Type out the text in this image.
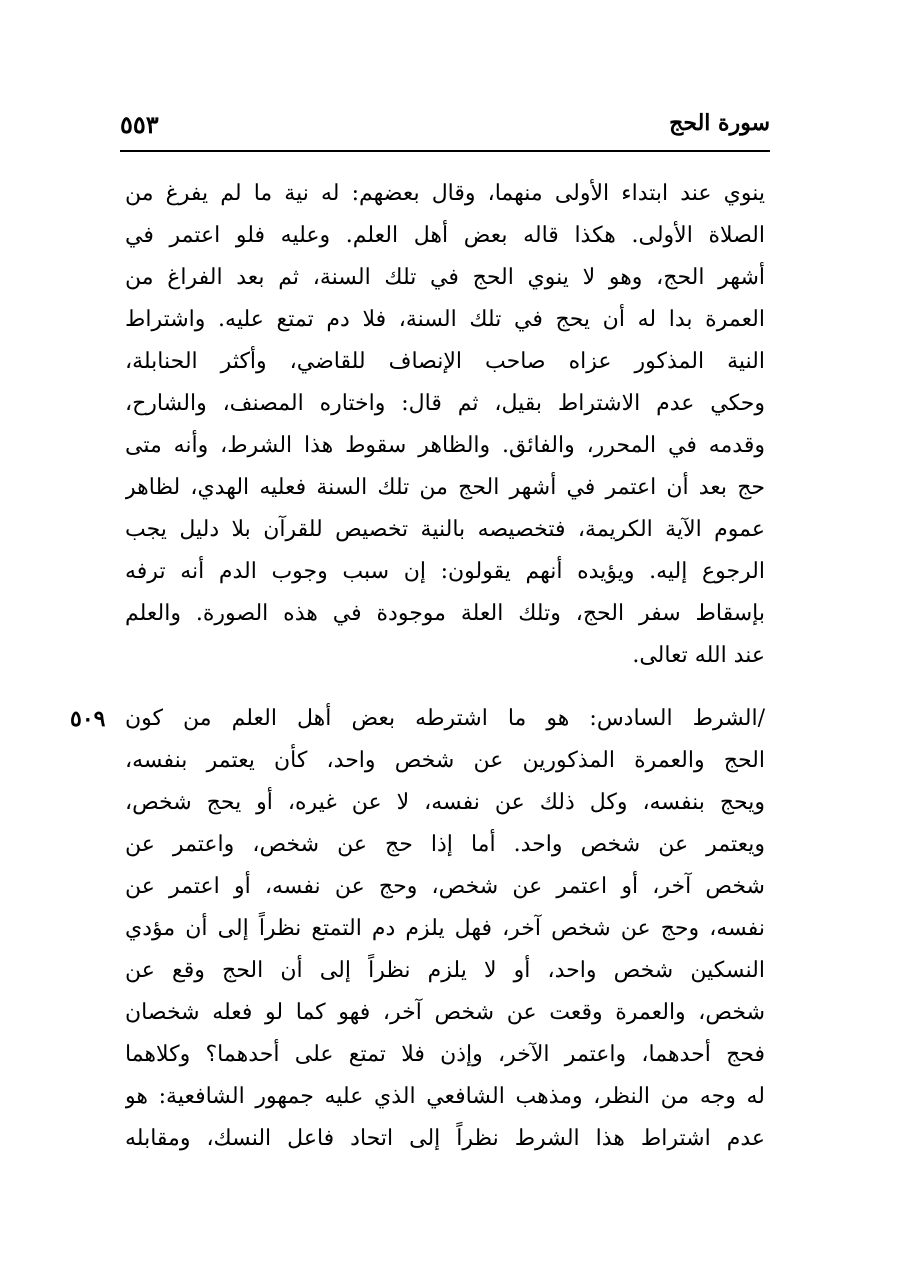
٥٥٣	سورة الحج
ينوي عند ابتداء الأولى منهما، وقال بعضهم: له نية ما لم يفرغ من
الصلاة الأولى. هكذا قاله بعض أهل العلم. وعليه فلو اعتمر في
أشهر الحج، وهو لا ينوي الحج في تلك السنة، ثم بعد الفراغ من
العمرة بدا له أن يحج في تلك السنة، فلا دم تمتع عليه. واشتراط
النية المذكور عزاه صاحب الإنصاف للقاضي، وأكثر الحنابلة،
وحكي عدم الاشتراط بقيل، ثم قال: واختاره المصنف، والشارح،
وقدمه في المحرر، والفائق. والظاهر سقوط هذا الشرط، وأنه متى
حج بعد أن اعتمر في أشهر الحج من تلك السنة فعليه الهدي، لظاهر
عموم الآية الكريمة، فتخصيصه بالنية تخصيص للقرآن بلا دليل يجب
الرجوع إليه. ويؤيده أنهم يقولون: إن سبب وجوب الدم أنه ترفه
بإسقاط سفر الحج، وتلك العلة موجودة في هذه الصورة. والعلم
عند الله تعالى.
٥٠٩ /الشرط السادس: هو ما اشترطه بعض أهل العلم من كون
الحج والعمرة المذكورين عن شخص واحد، كأن يعتمر بنفسه،
ويحج بنفسه، وكل ذلك عن نفسه، لا عن غيره، أو يحج شخص،
ويعتمر عن شخص واحد. أما إذا حج عن شخص، واعتمر عن
شخص آخر، أو اعتمر عن شخص، وحج عن نفسه، أو اعتمر عن
نفسه، وحج عن شخص آخر، فهل يلزم دم التمتع نظراً إلى أن مؤدي
النسكين شخص واحد، أو لا يلزم نظراً إلى أن الحج وقع عن
شخص، والعمرة وقعت عن شخص آخر، فهو كما لو فعله شخصان
فحج أحدهما، واعتمر الآخر، وإذن فلا تمتع على أحدهما؟ وكلاهما
له وجه من النظر، ومذهب الشافعي الذي عليه جمهور الشافعية: هو
عدم اشتراط هذا الشرط نظراً إلى اتحاد فاعل النسك، ومقابله
